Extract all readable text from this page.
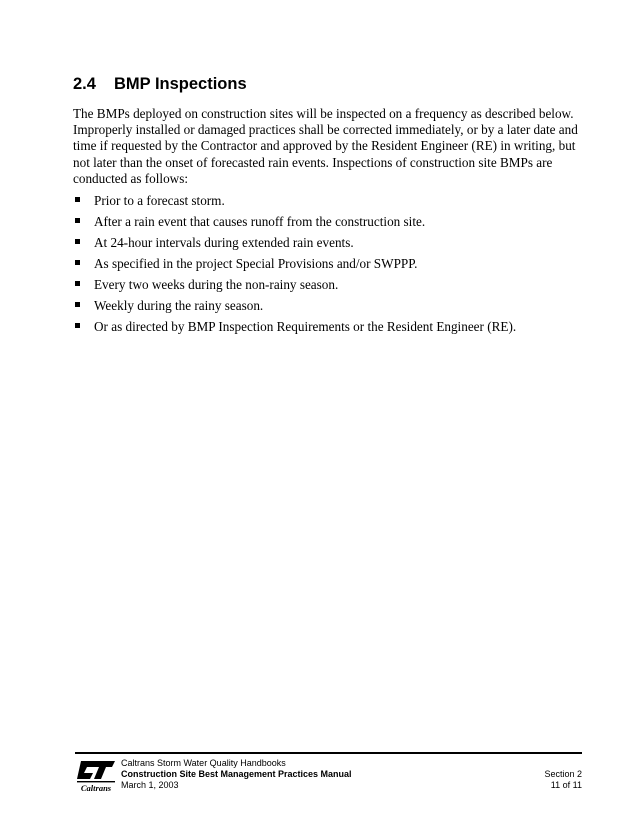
2.4 BMP Inspections

The BMPs deployed on construction sites will be inspected on a frequency as described below. Improperly installed or damaged practices shall be corrected immediately, or by a later date and time if requested by the Contractor and approved by the Resident Engineer (RE) in writing, but not later than the onset of forecasted rain events. Inspections of construction site BMPs are conducted as follows:

Prior to a forecast storm.
After a rain event that causes runoff from the construction site.
At 24-hour intervals during extended rain events.
As specified in the project Special Provisions and/or SWPPP.
Every two weeks during the non-rainy season.
Weekly during the rainy season.
Or as directed by BMP Inspection Requirements or the Resident Engineer (RE).
Caltrans
Caltrans Storm Water Quality Handbooks
Construction Site Best Management Practices Manual
March 1, 2003
Section 2
11 of 11
